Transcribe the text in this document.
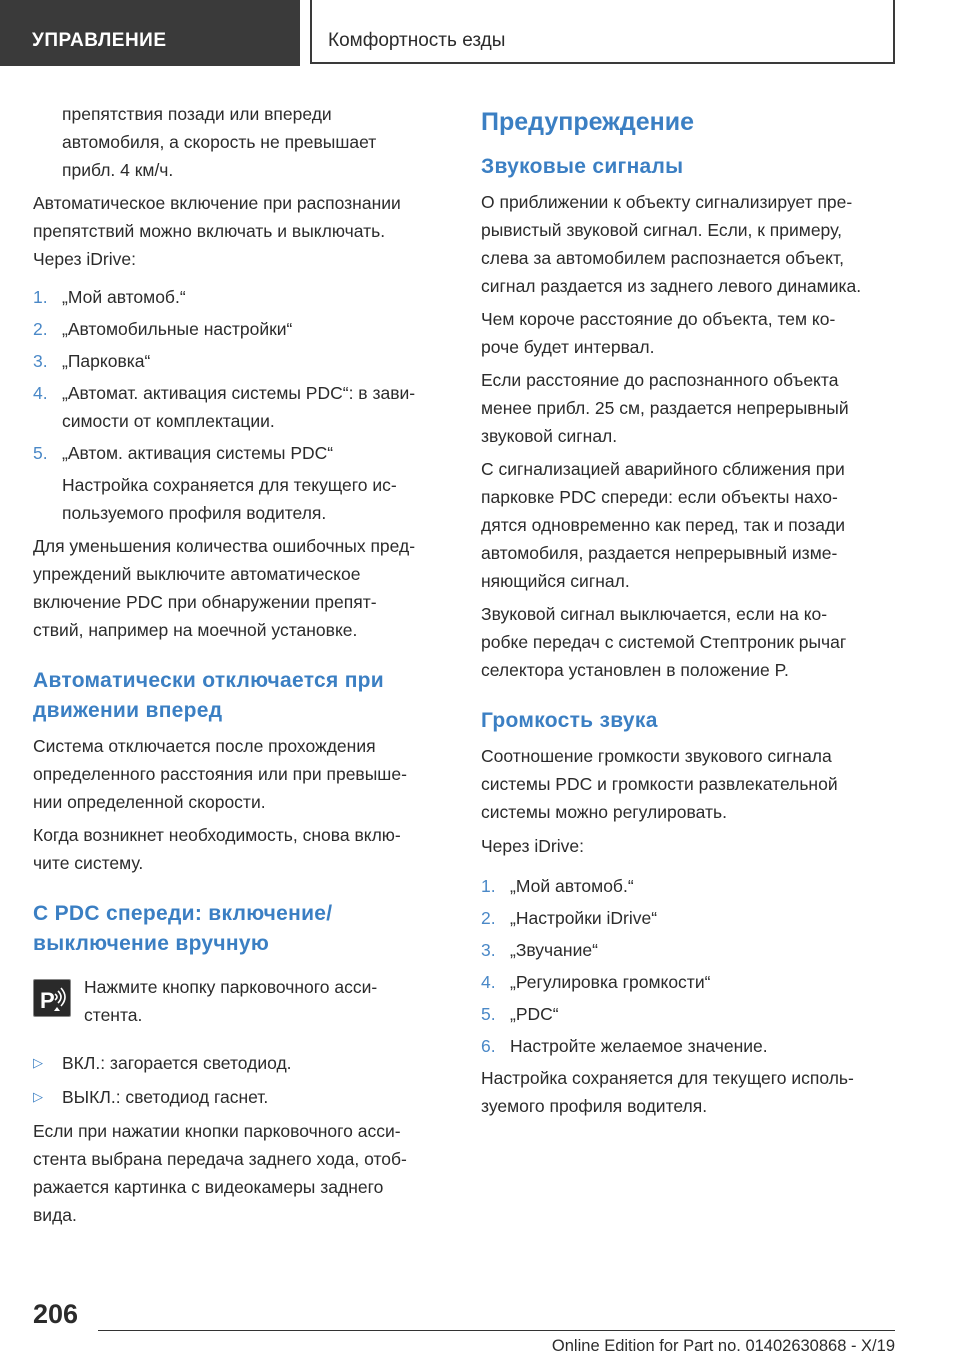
УПРАВЛЕНИЕ	Комфортность езды

препятствия позади или впереди
автомобиля, а скорость не превышает
прибл. 4 км/ч.

Автоматическое включение при распознании
препятствий можно включать и выключать.
Через iDrive:

1. „Мой автомоб.“
2. „Автомобильные настройки“
3. „Парковка“
4. „Автомат. активация системы PDC“: в зави-
симости от комплектации.
5. „Автом. активация системы PDC“

Настройка сохраняется для текущего ис-
пользуемого профиля водителя.

Для уменьшения количества ошибочных пред-
упреждений выключите автоматическое
включение PDC при обнаружении препят-
ствий, например на моечной установке.

Автоматически отключается при
движении вперед

Система отключается после прохождения
определенного расстояния или при превыше-
нии определенной скорости.

Когда возникнет необходимость, снова вклю-
чите систему.

С PDC спереди: включение/
выключение вручную
P
Нажмите кнопку парковочного асси-
стента.
▷ ВКЛ.: загорается светодиод.
▷ ВЫКЛ.: светодиод гаснет.

Если при нажатии кнопки парковочного асси-
стента выбрана передача заднего хода, отоб-
ражается картинка с видеокамеры заднего
вида.

Предупреждение
Звуковые сигналы

О приближении к объекту сигнализирует пре-
рывистый звуковой сигнал. Если, к примеру,
слева за автомобилем распознается объект,
сигнал раздается из заднего левого динамика.

Чем короче расстояние до объекта, тем ко-
роче будет интервал.

Если расстояние до распознанного объекта
менее прибл. 25 см, раздается непрерывный
звуковой сигнал.

С сигнализацией аварийного сближения при
парковке PDC спереди: если объекты нахо-
дятся одновременно как перед, так и позади
автомобиля, раздается непрерывный изме-
няющийся сигнал.

Звуковой сигнал выключается, если на ко-
робке передач с системой Стептроник рычаг
селектора установлен в положение P.

Громкость звука

Соотношение громкости звукового сигнала
системы PDC и громкости развлекательной
системы можно регулировать.

Через iDrive:

1. „Мой автомоб.“
2. „Настройки iDrive“
3. „Звучание“
4. „Регулировка громкости“
5. „PDC“
6. Настройте желаемое значение.

Настройка сохраняется для текущего исполь-
зуемого профиля водителя.

206
Online Edition for Part no. 01402630868 - X/19
